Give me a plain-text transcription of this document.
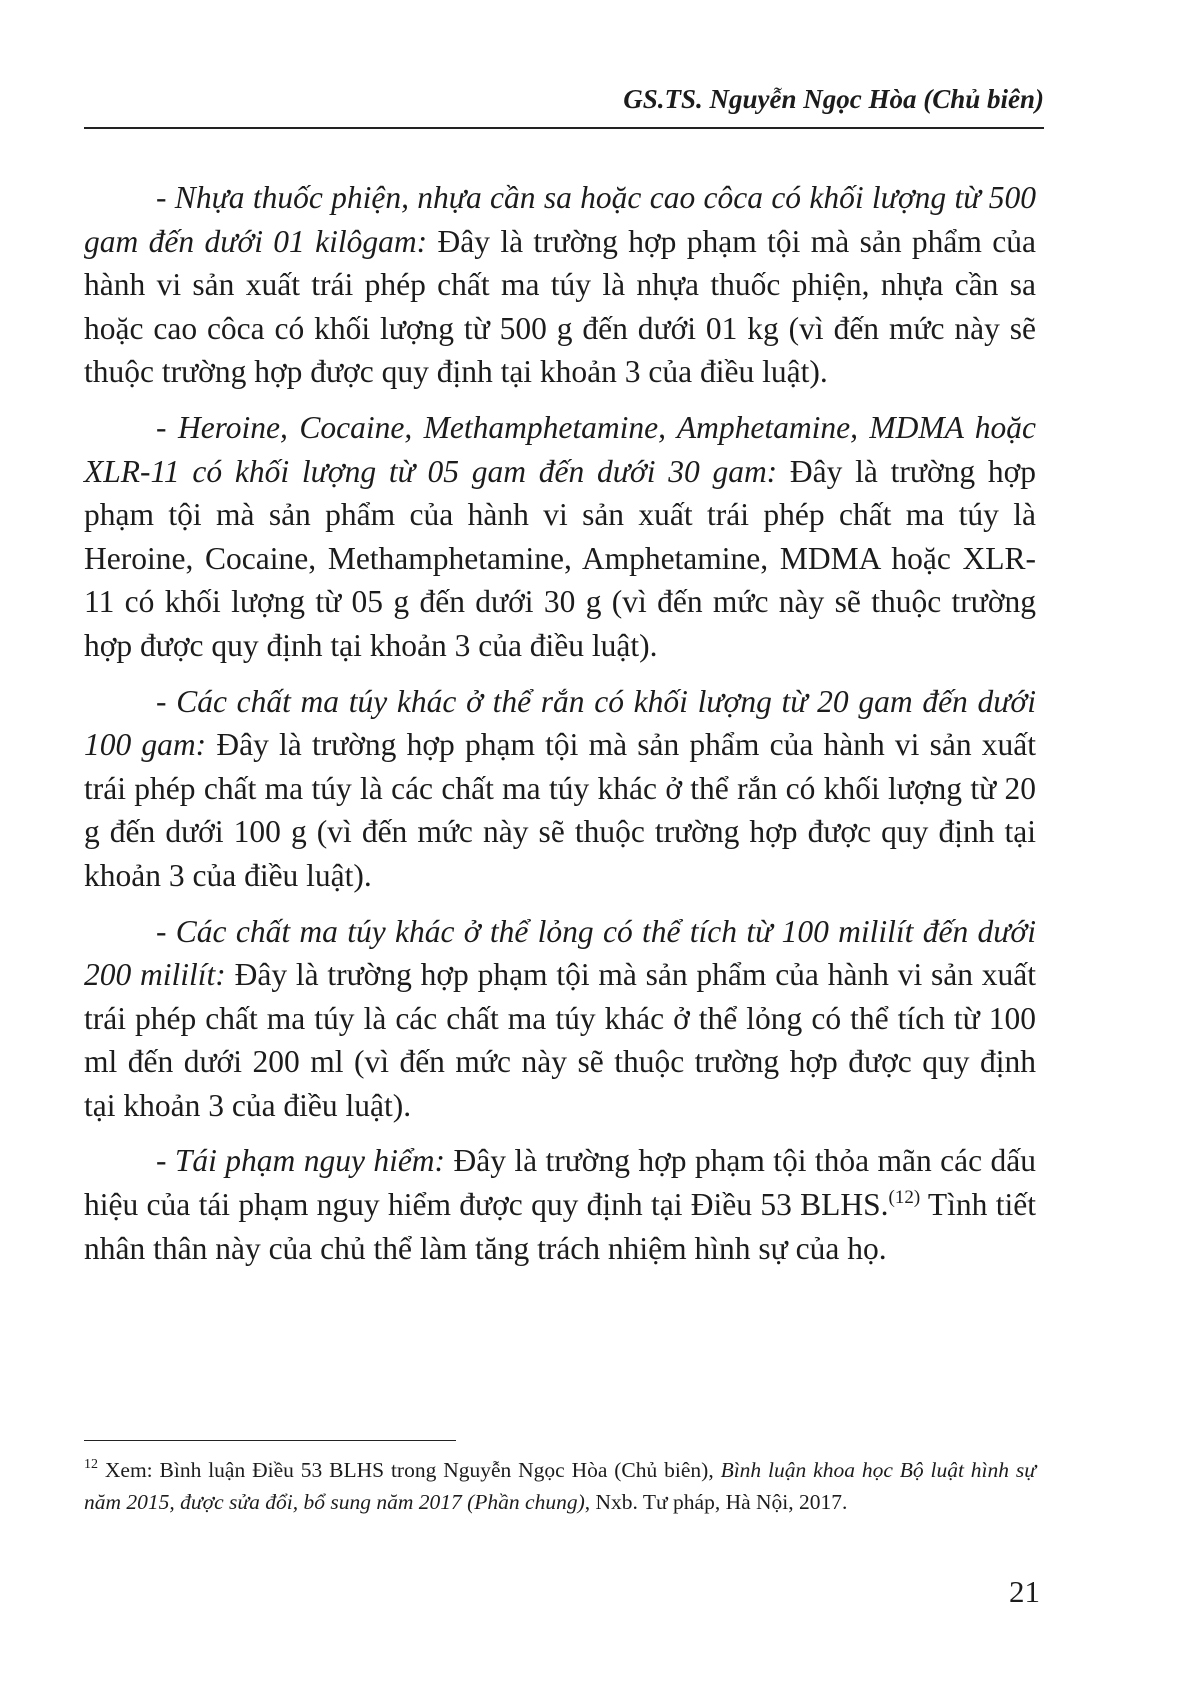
GS.TS. Nguyễn Ngọc Hòa (Chủ biên)

- Nhựa thuốc phiện, nhựa cần sa hoặc cao côca có khối lượng từ 500 gam đến dưới 01 kilôgam: Đây là trường hợp phạm tội mà sản phẩm của hành vi sản xuất trái phép chất ma túy là nhựa thuốc phiện, nhựa cần sa hoặc cao côca có khối lượng từ 500 g đến dưới 01 kg (vì đến mức này sẽ thuộc trường hợp được quy định tại khoản 3 của điều luật).

- Heroine, Cocaine, Methamphetamine, Amphetamine, MDMA hoặc XLR-11 có khối lượng từ 05 gam đến dưới 30 gam: Đây là trường hợp phạm tội mà sản phẩm của hành vi sản xuất trái phép chất ma túy là Heroine, Cocaine, Methamphetamine, Amphetamine, MDMA hoặc XLR-11 có khối lượng từ 05 g đến dưới 30 g (vì đến mức này sẽ thuộc trường hợp được quy định tại khoản 3 của điều luật).

- Các chất ma túy khác ở thể rắn có khối lượng từ 20 gam đến dưới 100 gam: Đây là trường hợp phạm tội mà sản phẩm của hành vi sản xuất trái phép chất ma túy là các chất ma túy khác ở thể rắn có khối lượng từ 20 g đến dưới 100 g (vì đến mức này sẽ thuộc trường hợp được quy định tại khoản 3 của điều luật).

- Các chất ma túy khác ở thể lỏng có thể tích từ 100 mililít đến dưới 200 mililít: Đây là trường hợp phạm tội mà sản phẩm của hành vi sản xuất trái phép chất ma túy là các chất ma túy khác ở thể lỏng có thể tích từ 100 ml đến dưới 200 ml (vì đến mức này sẽ thuộc trường hợp được quy định tại khoản 3 của điều luật).

- Tái phạm nguy hiểm: Đây là trường hợp phạm tội thỏa mãn các dấu hiệu của tái phạm nguy hiểm được quy định tại Điều 53 BLHS.$^{(12)}$ Tình tiết nhân thân này của chủ thể làm tăng trách nhiệm hình sự của họ.

$^{12}$ Xem: Bình luận Điều 53 BLHS trong Nguyễn Ngọc Hòa (Chủ biên), Bình luận khoa học Bộ luật hình sự năm 2015, được sửa đổi, bổ sung năm 2017 (Phần chung), Nxb. Tư pháp, Hà Nội, 2017.
21
